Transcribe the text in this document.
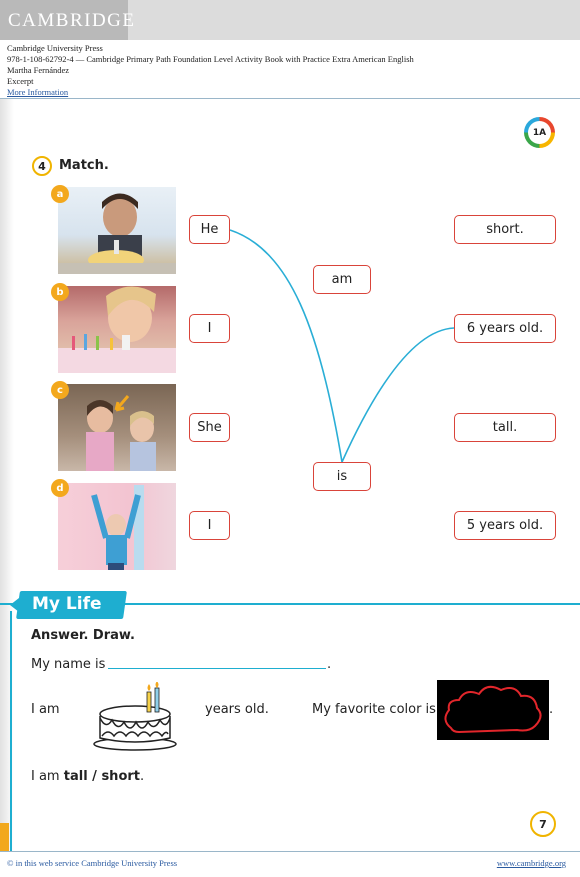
CAMBRIDGE
Cambridge University Press
978-1-108-62792-4 — Cambridge Primary Path Foundation Level Activity Book with Practice Extra American English
Martha Fernández
Excerpt
More Information
1A
4	Match.
a
b
c
d
He
I
She
I
am
is
short.
6 years old.
tall.
5 years old.
My Life
Answer. Draw.
My name is	.
I am	years old.	My favorite color is	.
I am tall / short.
7
© in this web service Cambridge University Press	www.cambridge.org
